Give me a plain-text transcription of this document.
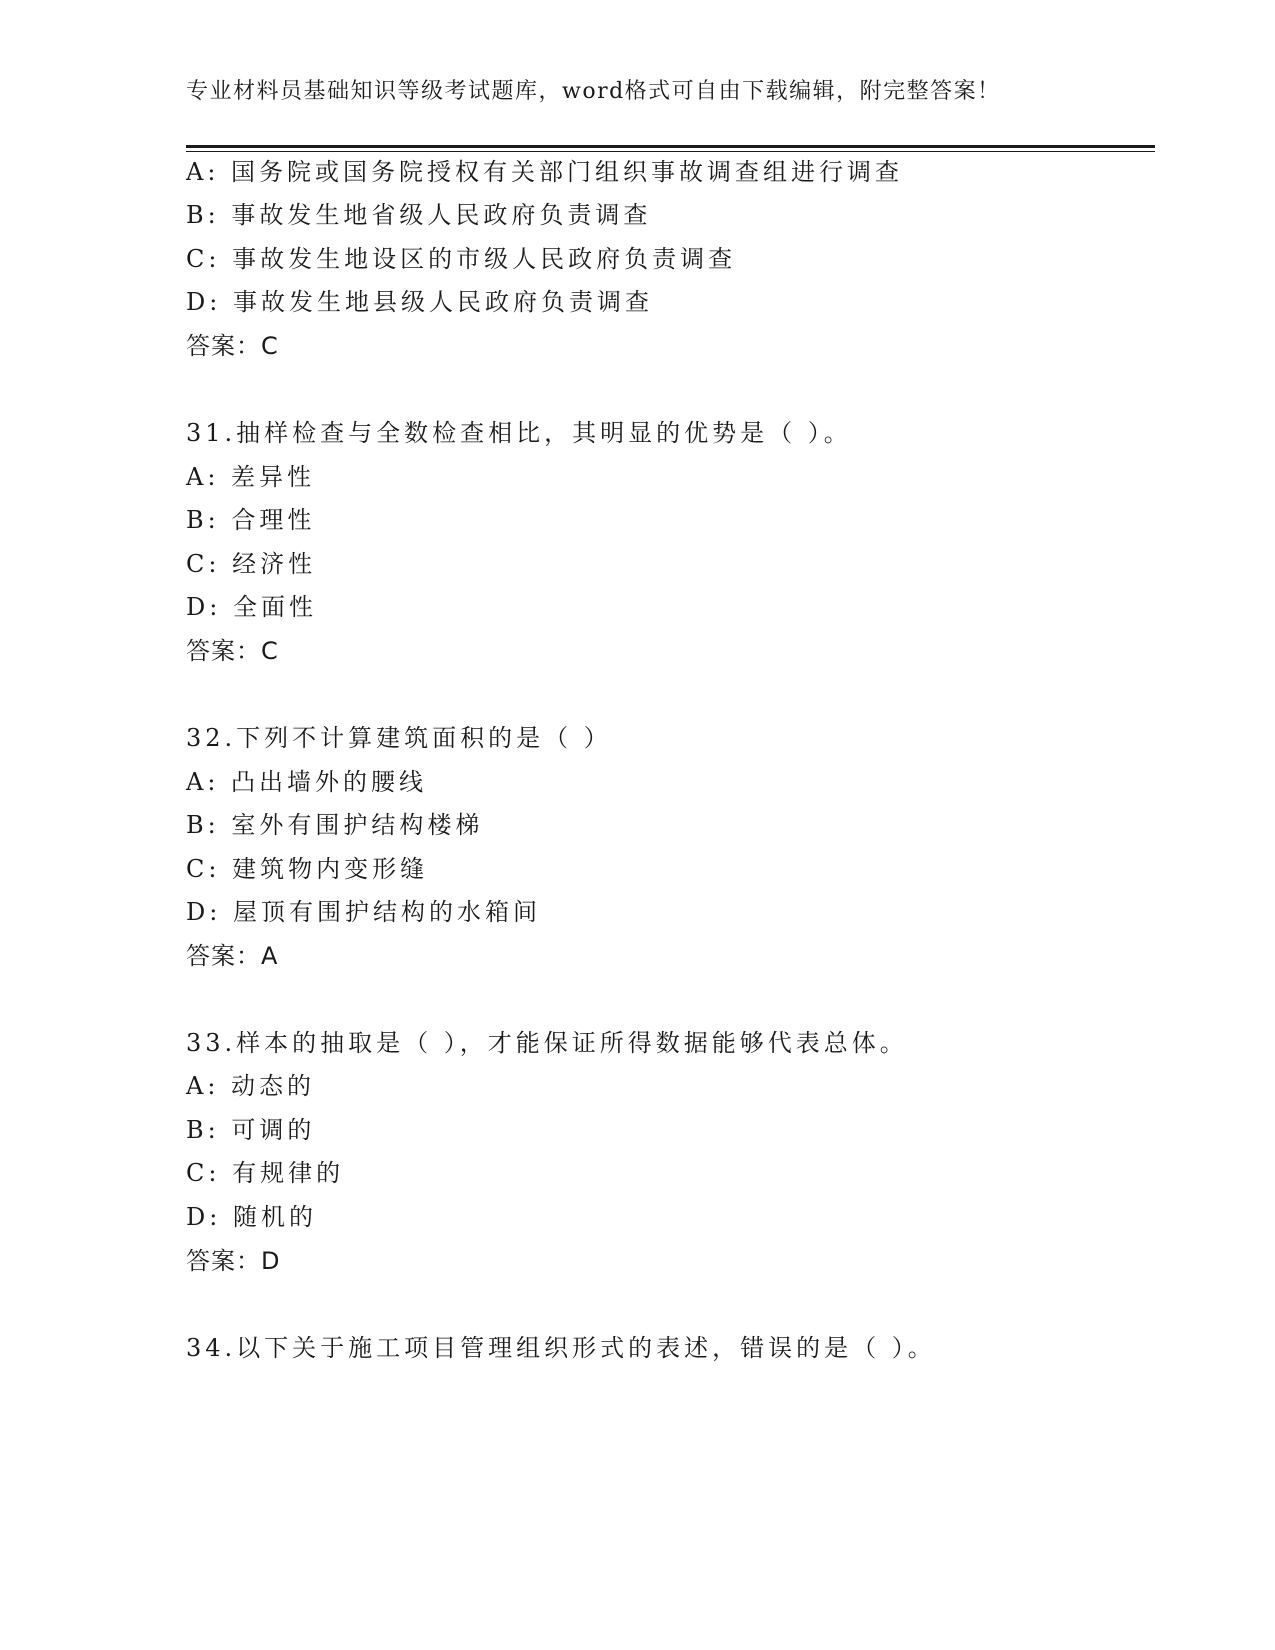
专业材料员基础知识等级考试题库，word格式可自由下载编辑，附完整答案！
A: 国务院或国务院授权有关部门组织事故调查组进行调查
B: 事故发生地省级人民政府负责调查
C: 事故发生地设区的市级人民政府负责调查
D: 事故发生地县级人民政府负责调查
答案：C
31.抽样检查与全数检查相比，其明显的优势是（ ）。
A: 差异性
B: 合理性
C: 经济性
D: 全面性
答案：C
32.下列不计算建筑面积的是（ ）
A: 凸出墙外的腰线
B: 室外有围护结构楼梯
C: 建筑物内变形缝
D: 屋顶有围护结构的水箱间
答案：A
33.样本的抽取是（ ），才能保证所得数据能够代表总体。
A: 动态的
B: 可调的
C: 有规律的
D: 随机的
答案：D
34.以下关于施工项目管理组织形式的表述，错误的是（ ）。
